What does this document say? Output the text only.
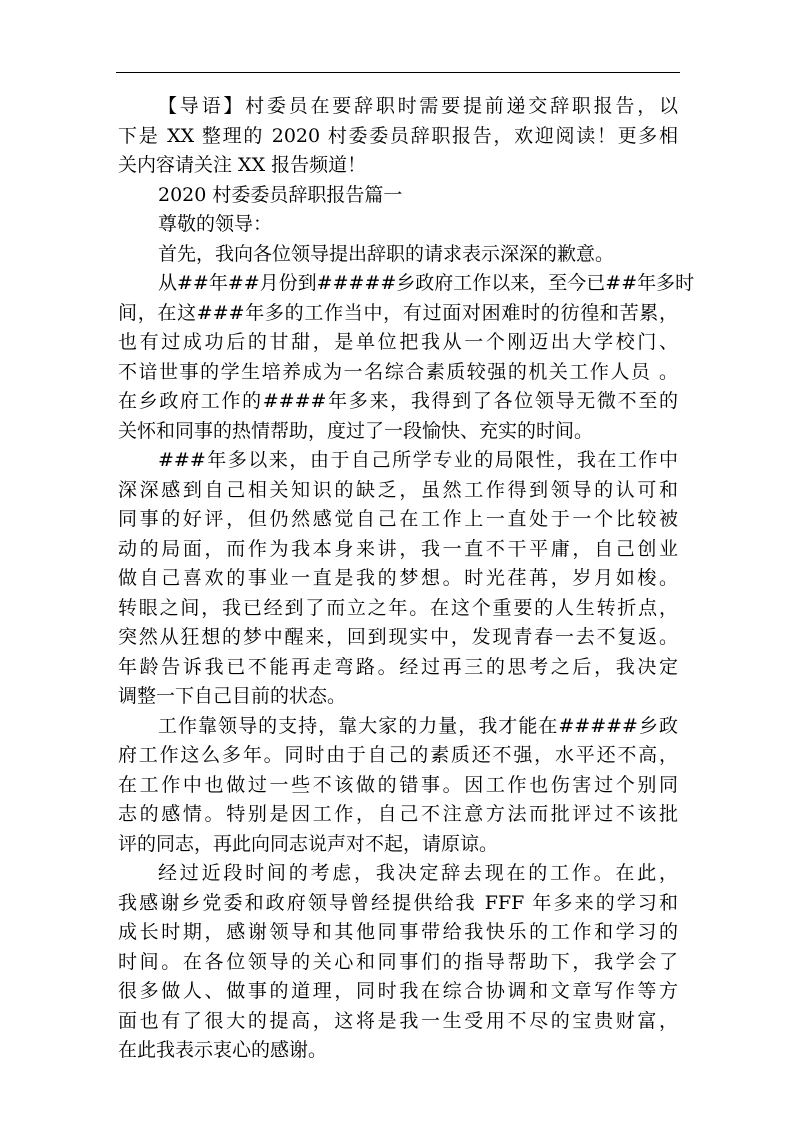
【导语】村委员在要辞职时需要提前递交辞职报告，以
下是 XX 整理的 2020 村委委员辞职报告，欢迎阅读！更多相
关内容请关注 XX 报告频道！
2020 村委委员辞职报告篇一
尊敬的领导：
首先，我向各位领导提出辞职的请求表示深深的歉意。
从##年##月份到#####乡政府工作以来，至今已##年多时
间，在这###年多的工作当中，有过面对困难时的彷徨和苦累，
也有过成功后的甘甜，是单位把我从一个刚迈出大学校门、
不谙世事的学生培养成为一名综合素质较强的机关工作人员 。
在乡政府工作的####年多来，我得到了各位领导无微不至的
关怀和同事的热情帮助，度过了一段愉快、充实的时间。
###年多以来，由于自己所学专业的局限性，我在工作中
深深感到自己相关知识的缺乏，虽然工作得到领导的认可和
同事的好评，但仍然感觉自己在工作上一直处于一个比较被
动的局面，而作为我本身来讲，我一直不干平庸，自己创业
做自己喜欢的事业一直是我的梦想。时光荏苒，岁月如梭。
转眼之间，我已经到了而立之年。在这个重要的人生转折点，
突然从狂想的梦中醒来，回到现实中，发现青春一去不复返。
年龄告诉我已不能再走弯路。经过再三的思考之后，我决定
调整一下自己目前的状态。
工作靠领导的支持，靠大家的力量，我才能在#####乡政
府工作这么多年。同时由于自己的素质还不强，水平还不高，
在工作中也做过一些不该做的错事。因工作也伤害过个别同
志的感情。特别是因工作，自己不注意方法而批评过不该批
评的同志，再此向同志说声对不起，请原谅。
经过近段时间的考虑，我决定辞去现在的工作。在此，
我感谢乡党委和政府领导曾经提供给我 FFF 年多来的学习和
成长时期，感谢领导和其他同事带给我快乐的工作和学习的
时间。在各位领导的关心和同事们的指导帮助下，我学会了
很多做人、做事的道理，同时我在综合协调和文章写作等方
面也有了很大的提高，这将是我一生受用不尽的宝贵财富，
在此我表示衷心的感谢。
